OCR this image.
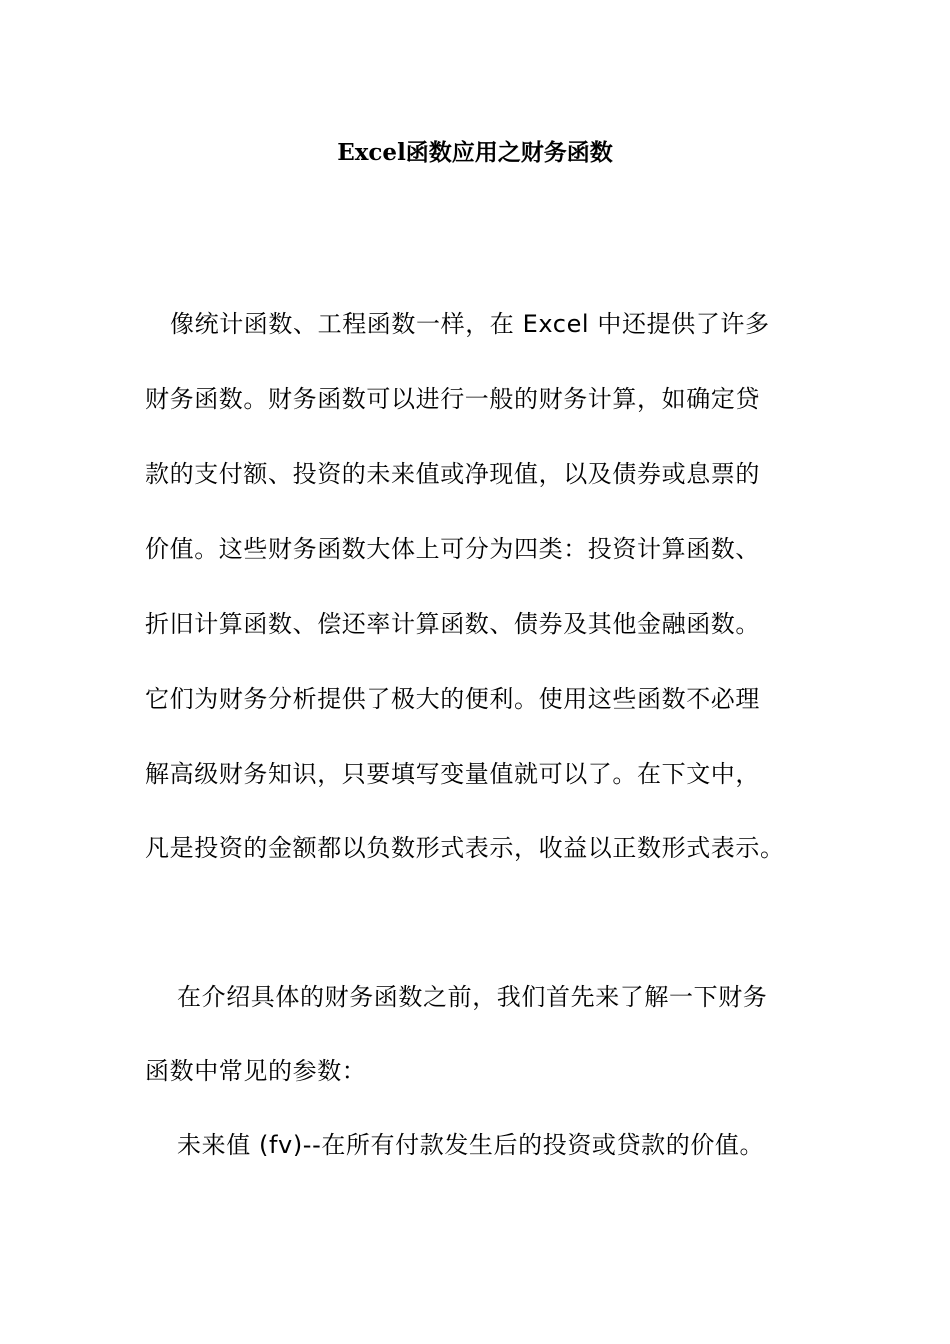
Excel函数应用之财务函数
像统计函数、工程函数一样，在 Excel 中还提供了许多
财务函数。财务函数可以进行一般的财务计算，如确定贷
款的支付额、投资的未来值或净现值，以及债券或息票的
价值。这些财务函数大体上可分为四类：投资计算函数、
折旧计算函数、偿还率计算函数、债券及其他金融函数。
它们为财务分析提供了极大的便利。使用这些函数不必理
解高级财务知识，只要填写变量值就可以了。在下文中，
凡是投资的金额都以负数形式表示，收益以正数形式表示。
在介绍具体的财务函数之前，我们首先来了解一下财务
函数中常见的参数：
未来值 (fv)--在所有付款发生后的投资或贷款的价值。
